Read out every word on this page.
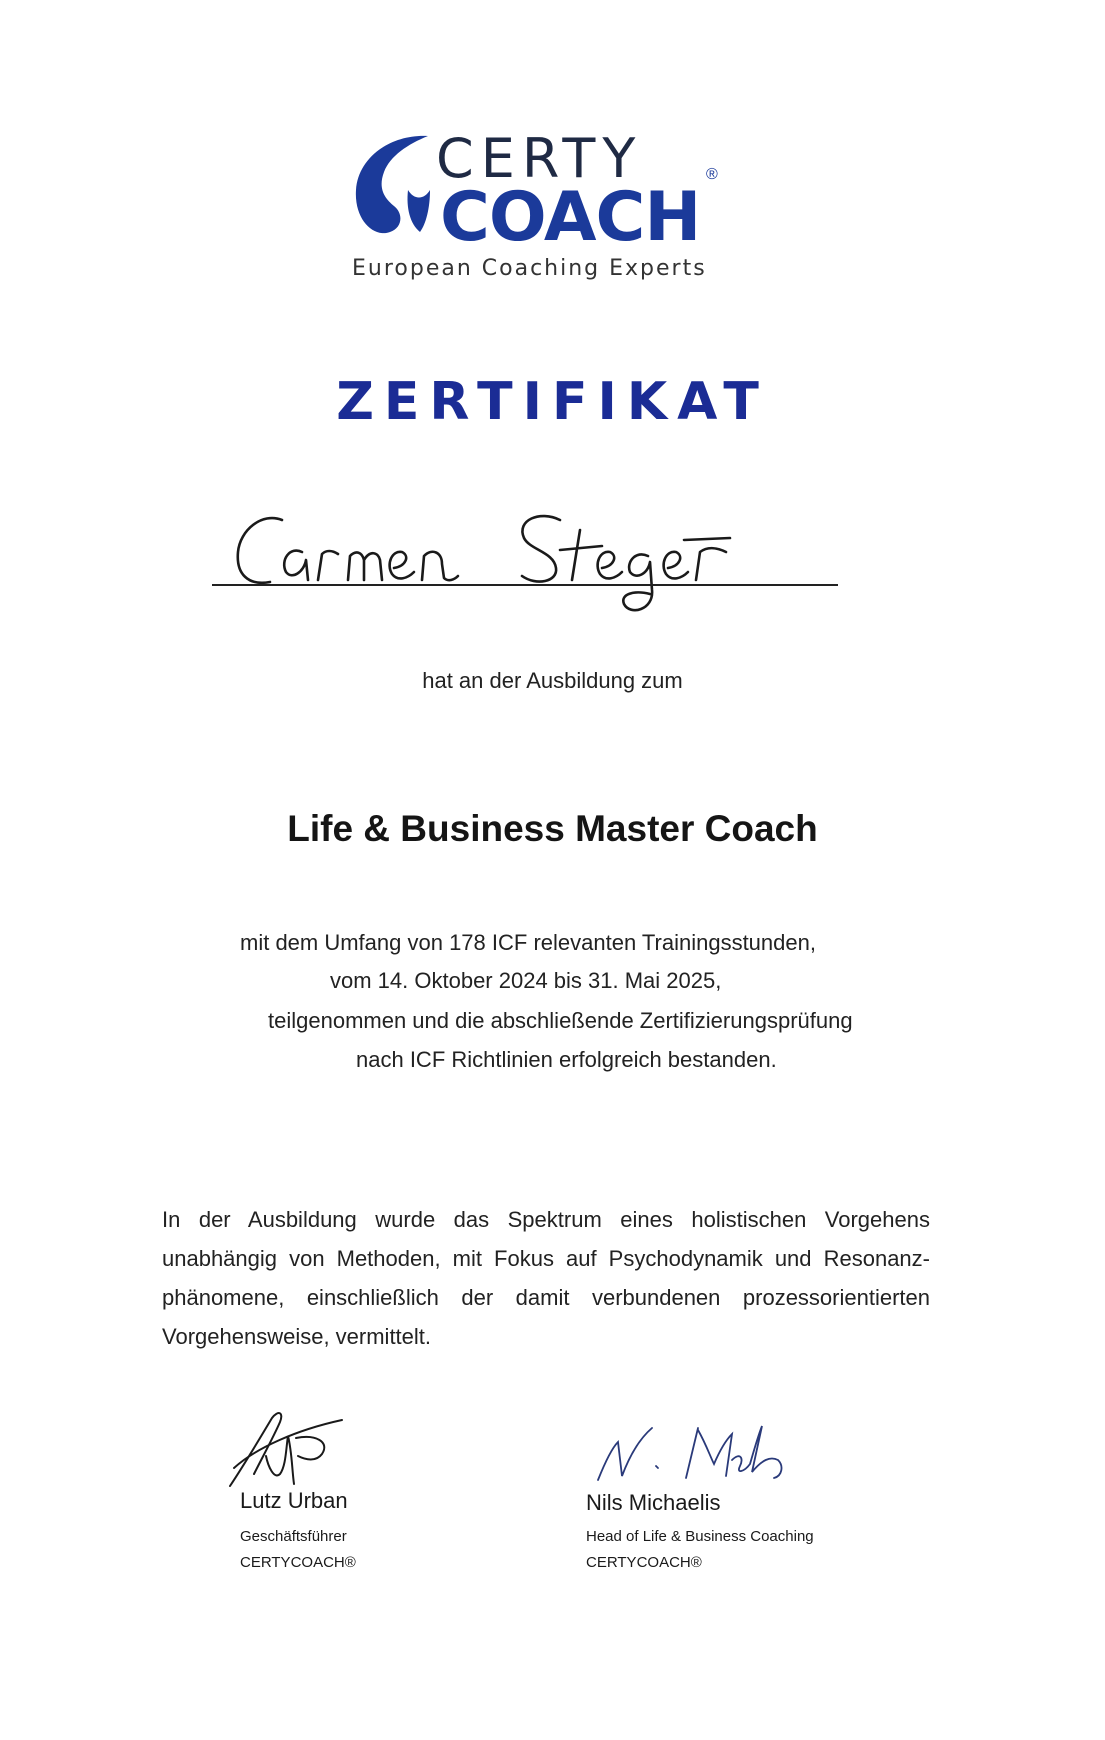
CERTY
COACH
®
European Coaching Experts
ZERTIFIKAT
hat an der Ausbildung zum
Life & Business Master Coach
mit dem Umfang von 178 ICF relevanten Trainingsstunden,
vom 14. Oktober 2024 bis 31. Mai 2025,
teilgenommen und die abschließende Zertifizierungsprüfung
nach ICF Richtlinien erfolgreich bestanden.
In der Ausbildung wurde das Spektrum eines holistischen Vorgehens unabhängig von Methoden, mit Fokus auf Psychodynamik und Resonanzphänomene, einschließlich der damit verbundenen prozessorientierten Vorgehensweise, vermittelt.
Lutz Urban
Geschäftsführer
CERTYCOACH®
Nils Michaelis
Head of Life & Business Coaching
CERTYCOACH®
